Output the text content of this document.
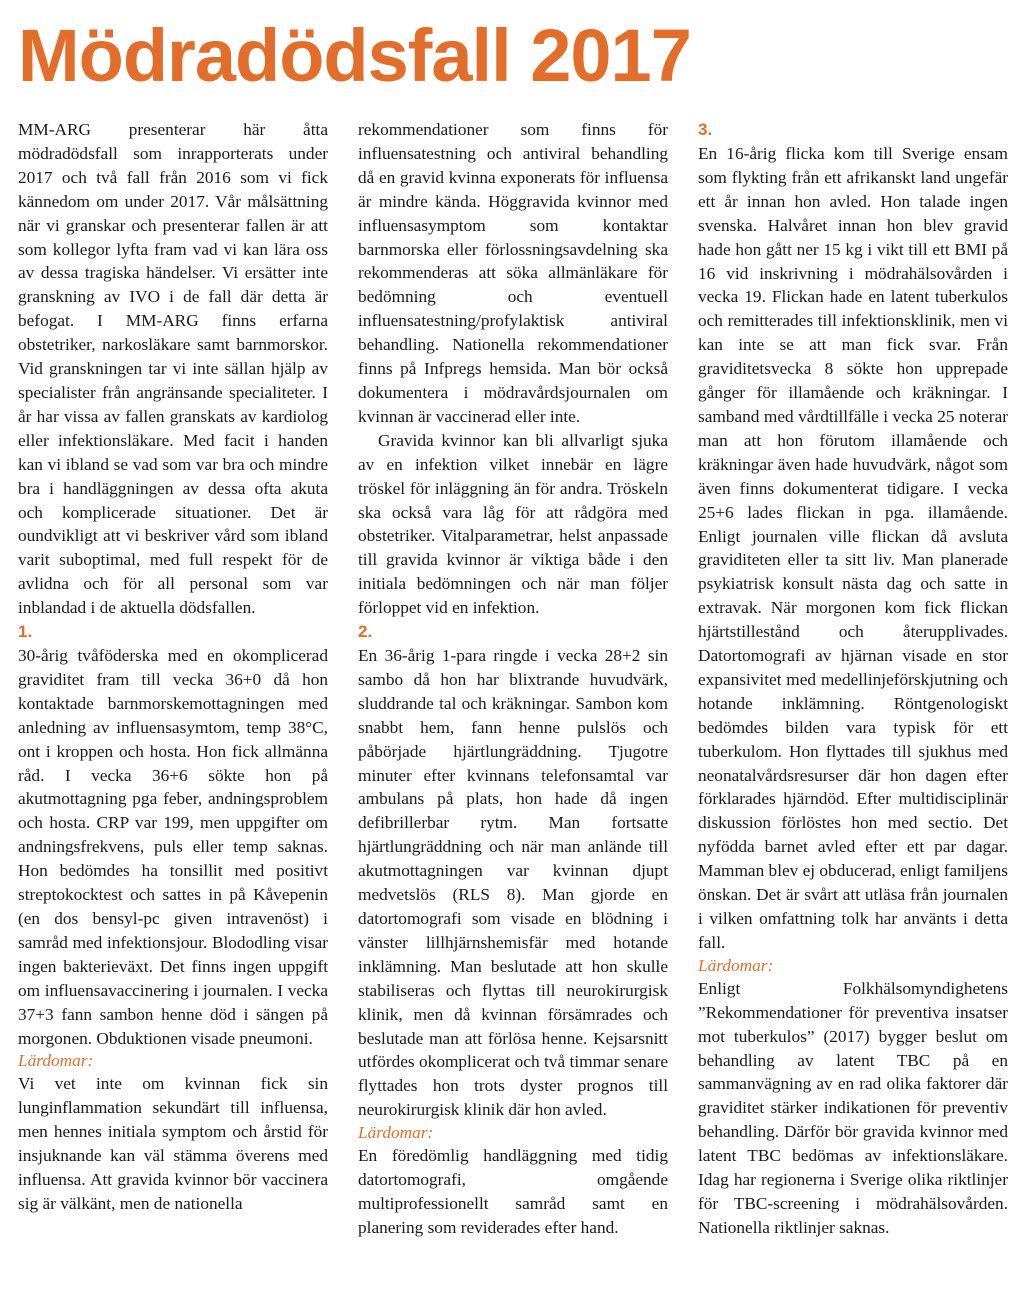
Mödradödsfall 2017

MM-ARG presenterar här åtta mödradödsfall som inrapporterats under 2017 och två fall från 2016 som vi fick kännedom om under 2017. Vår målsättning när vi granskar och presenterar fallen är att som kollegor lyfta fram vad vi kan lära oss av dessa tragiska händelser. Vi ersätter inte granskning av IVO i de fall där detta är befogat. I MM-ARG finns erfarna obstetriker, narkosläkare samt barnmorskor. Vid granskningen tar vi inte sällan hjälp av specialister från angränsande specialiteter. I år har vissa av fallen granskats av kardiolog eller infektionsläkare. Med facit i handen kan vi ibland se vad som var bra och mindre bra i handläggningen av dessa ofta akuta och komplicerade situationer. Det är oundvikligt att vi beskriver vård som ibland varit suboptimal, med full respekt för de avlidna och för all personal som var inblandad i de aktuella dödsfallen.

1.

30-årig tvåföderska med en okomplicerad graviditet fram till vecka 36+0 då hon kontaktade barnmorskemottagningen med anledning av influensasymtom, temp 38°C, ont i kroppen och hosta. Hon fick allmänna råd. I vecka 36+6 sökte hon på akutmottagning pga feber, andningsproblem och hosta. CRP var 199, men uppgifter om andningsfrekvens, puls eller temp saknas. Hon bedömdes ha tonsillit med positivt streptokocktest och sattes in på Kåvepenin (en dos bensyl-pc given intravenöst) i samråd med infektionsjour. Blododling visar ingen bakterieväxt. Det finns ingen uppgift om influensavaccinering i journalen. I vecka 37+3 fann sambon henne död i sängen på morgonen. Obduktionen visade pneumoni.

Lärdomar:

Vi vet inte om kvinnan fick sin lunginflammation sekundärt till influensa, men hennes initiala symptom och årstid för insjuknande kan väl stämma överens med influensa. Att gravida kvinnor bör vaccinera sig är välkänt, men de nationella

rekommendationer som finns för influensatestning och antiviral behandling då en gravid kvinna exponerats för influensa är mindre kända. Höggravida kvinnor med influensasymptom som kontaktar barnmorska eller förlossningsavdelning ska rekommenderas att söka allmänläkare för bedömning och eventuell influensatestning/profylaktisk antiviral behandling. Nationella rekommendationer finns på Infpregs hemsida. Man bör också dokumentera i mödravårdsjournalen om kvinnan är vaccinerad eller inte.

Gravida kvinnor kan bli allvarligt sjuka av en infektion vilket innebär en lägre tröskel för inläggning än för andra. Tröskeln ska också vara låg för att rådgöra med obstetriker. Vitalparametrar, helst anpassade till gravida kvinnor är viktiga både i den initiala bedömningen och när man följer förloppet vid en infektion.

2.

En 36-årig 1-para ringde i vecka 28+2 sin sambo då hon har blixtrande huvudvärk, sluddrande tal och kräkningar. Sambon kom snabbt hem, fann henne pulslös och påbörjade hjärtlungräddning. Tjugotre minuter efter kvinnans telefonsamtal var ambulans på plats, hon hade då ingen defibrillerbar rytm. Man fortsatte hjärtlungräddning och när man anlände till akutmottagningen var kvinnan djupt medvetslös (RLS 8). Man gjorde en datortomografi som visade en blödning i vänster lillhjärnshemisfär med hotande inklämning. Man beslutade att hon skulle stabiliseras och flyttas till neurokirurgisk klinik, men då kvinnan försämrades och beslutade man att förlösa henne. Kejsarsnitt utfördes okomplicerat och två timmar senare flyttades hon trots dyster prognos till neurokirurgisk klinik där hon avled.

Lärdomar:

En föredömlig handläggning med tidig datortomografi, omgående multiprofessionellt samråd samt en planering som reviderades efter hand.

3.

En 16-årig flicka kom till Sverige ensam som flykting från ett afrikanskt land ungefär ett år innan hon avled. Hon talade ingen svenska. Halvåret innan hon blev gravid hade hon gått ner 15 kg i vikt till ett BMI på 16 vid inskrivning i mödrahälsovården i vecka 19. Flickan hade en latent tuberkulos och remitterades till infektionsklinik, men vi kan inte se att man fick svar. Från graviditetsvecka 8 sökte hon upprepade gånger för illamående och kräkningar. I samband med vårdtillfälle i vecka 25 noterar man att hon förutom illamående och kräkningar även hade huvudvärk, något som även finns dokumenterat tidigare. I vecka 25+6 lades flickan in pga. illamående. Enligt journalen ville flickan då avsluta graviditeten eller ta sitt liv. Man planerade psykiatrisk konsult nästa dag och satte in extravak. När morgonen kom fick flickan hjärtstillestånd och återupplivades. Datortomografi av hjärnan visade en stor expansivitet med medellinjeförskjutning och hotande inklämning. Röntgenologiskt bedömdes bilden vara typisk för ett tuberkulom. Hon flyttades till sjukhus med neonatalvårdsresurser där hon dagen efter förklarades hjärndöd. Efter multidisciplinär diskussion förlöstes hon med sectio. Det nyfödda barnet avled efter ett par dagar. Mamman blev ej obducerad, enligt familjens önskan. Det är svårt att utläsa från journalen i vilken omfattning tolk har använts i detta fall.

Lärdomar:

Enligt Folkhälsomyndighetens ”Rekommendationer för preventiva insatser mot tuberkulos” (2017) bygger beslut om behandling av latent TBC på en sammanvägning av en rad olika faktorer där graviditet stärker indikationen för preventiv behandling. Därför bör gravida kvinnor med latent TBC bedömas av infektionsläkare. Idag har regionerna i Sverige olika riktlinjer för TBC-screening i mödrahälsovården. Nationella riktlinjer saknas.
